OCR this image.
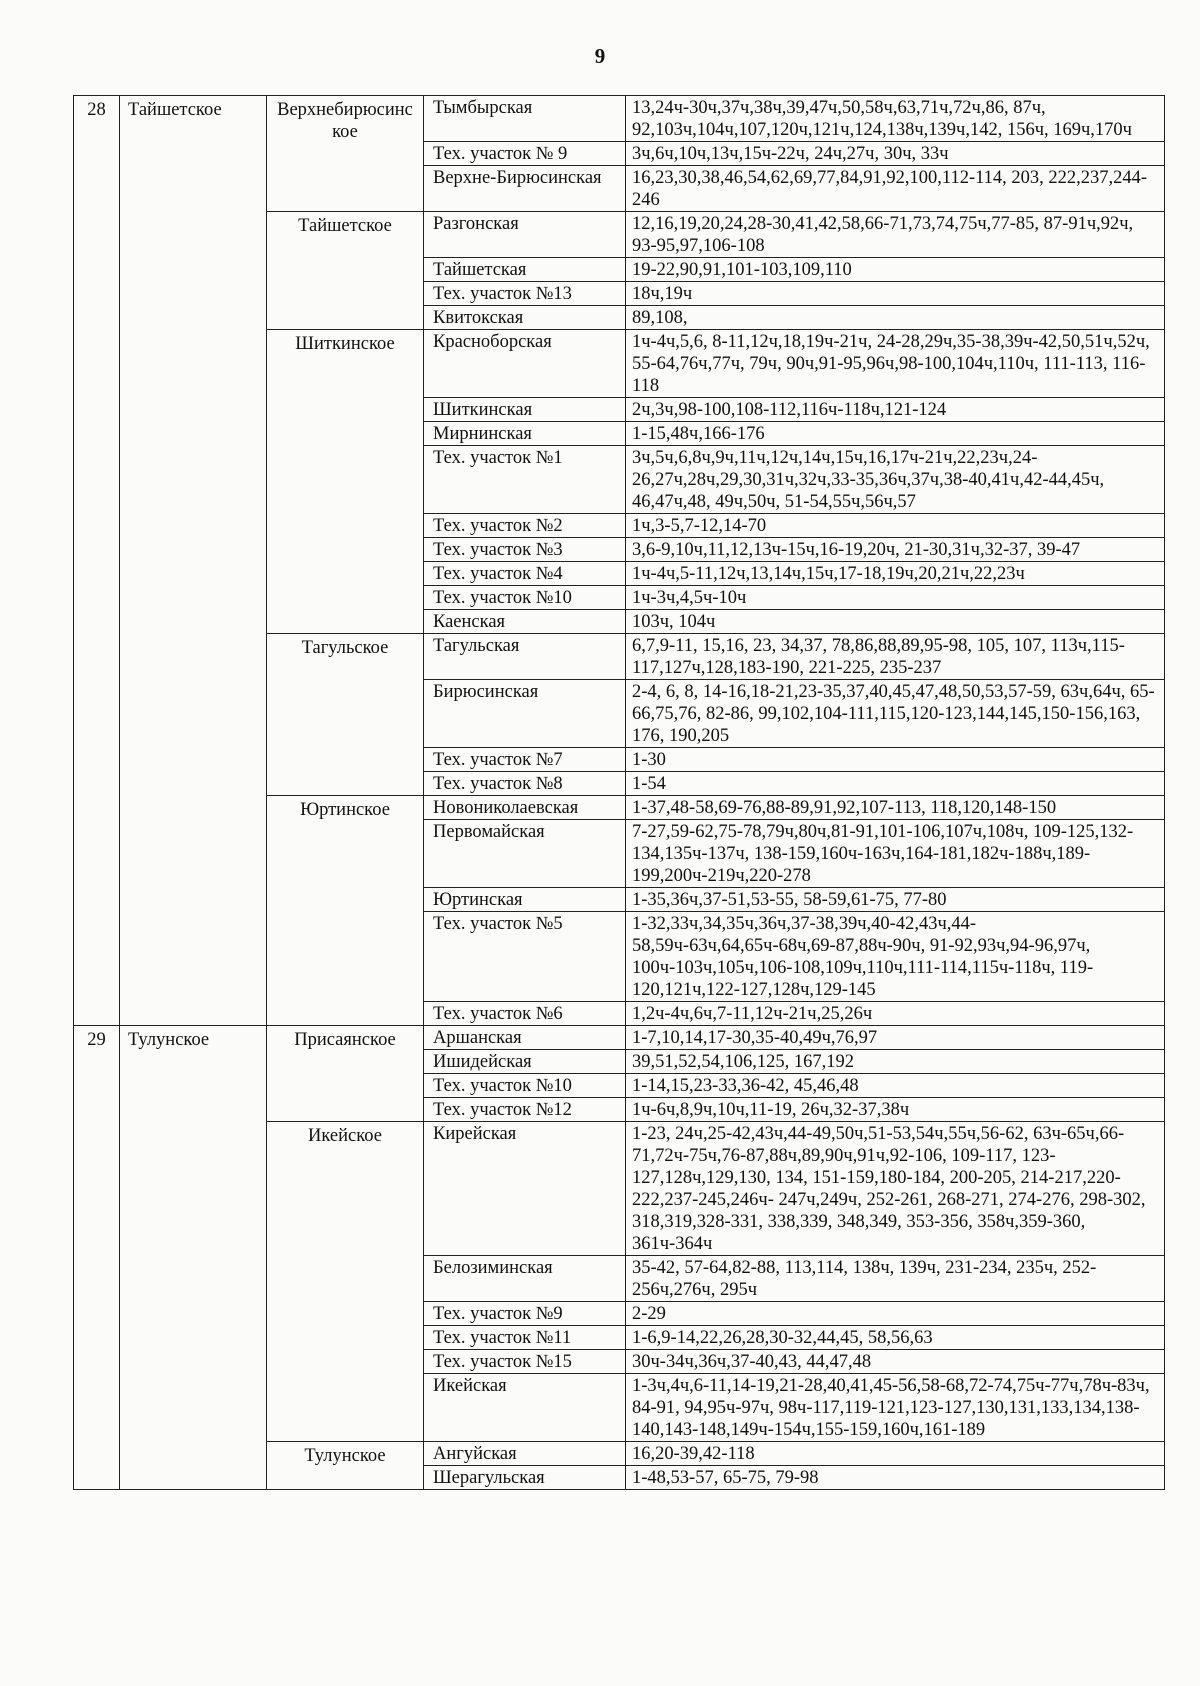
9
28	Тайшетское	Верхнебирюсинс кое	Тымбырская	13,24ч-30ч,37ч,38ч,39,47ч,50,58ч,63,71ч,72ч,86, 87ч, 92,103ч,104ч,107,120ч,121ч,124,138ч,139ч,142, 156ч, 169ч,170ч
			Тех. участок № 9	3ч,6ч,10ч,13ч,15ч-22ч, 24ч,27ч, 30ч, 33ч
			Верхне-Бирюсинская	16,23,30,38,46,54,62,69,77,84,91,92,100,112-114, 203, 222,237,244-246
		Тайшетское	Разгонская	12,16,19,20,24,28-30,41,42,58,66-71,73,74,75ч,77-85, 87-91ч,92ч, 93-95,97,106-108
			Тайшетская	19-22,90,91,101-103,109,110
			Тех. участок №13	18ч,19ч
			Квитокская	89,108,
		Шиткинское	Красноборская	1ч-4ч,5,6, 8-11,12ч,18,19ч-21ч, 24-28,29ч,35-38,39ч-42,50,51ч,52ч, 55-64,76ч,77ч, 79ч, 90ч,91-95,96ч,98-100,104ч,110ч, 111-113, 116-118
			Шиткинская	2ч,3ч,98-100,108-112,116ч-118ч,121-124
			Мирнинская	1-15,48ч,166-176
			Тех. участок №1	3ч,5ч,6,8ч,9ч,11ч,12ч,14ч,15ч,16,17ч-21ч,22,23ч,24-26,27ч,28ч,29,30,31ч,32ч,33-35,36ч,37ч,38-40,41ч,42-44,45ч, 46,47ч,48, 49ч,50ч, 51-54,55ч,56ч,57
			Тех. участок №2	1ч,3-5,7-12,14-70
			Тех. участок №3	3,6-9,10ч,11,12,13ч-15ч,16-19,20ч, 21-30,31ч,32-37, 39-47
			Тех. участок №4	1ч-4ч,5-11,12ч,13,14ч,15ч,17-18,19ч,20,21ч,22,23ч
			Тех. участок №10	1ч-3ч,4,5ч-10ч
			Каенская	103ч, 104ч
		Тагульское	Тагульская	6,7,9-11, 15,16, 23, 34,37, 78,86,88,89,95-98, 105, 107, 113ч,115-117,127ч,128,183-190, 221-225, 235-237
			Бирюсинская	2-4, 6, 8, 14-16,18-21,23-35,37,40,45,47,48,50,53,57-59, 63ч,64ч, 65-66,75,76, 82-86, 99,102,104-111,115,120-123,144,145,150-156,163, 176, 190,205
			Тех. участок №7	1-30
			Тех. участок №8	1-54
		Юртинское	Новониколаевская	1-37,48-58,69-76,88-89,91,92,107-113, 118,120,148-150
			Первомайская	7-27,59-62,75-78,79ч,80ч,81-91,101-106,107ч,108ч, 109-125,132-134,135ч-137ч, 138-159,160ч-163ч,164-181,182ч-188ч,189-199,200ч-219ч,220-278
			Юртинская	1-35,36ч,37-51,53-55, 58-59,61-75, 77-80
			Тех. участок №5	1-32,33ч,34,35ч,36ч,37-38,39ч,40-42,43ч,44-58,59ч-63ч,64,65ч-68ч,69-87,88ч-90ч, 91-92,93ч,94-96,97ч, 100ч-103ч,105ч,106-108,109ч,110ч,111-114,115ч-118ч, 119-120,121ч,122-127,128ч,129-145
			Тех. участок №6	1,2ч-4ч,6ч,7-11,12ч-21ч,25,26ч
29	Тулунское	Присаянское	Аршанская	1-7,10,14,17-30,35-40,49ч,76,97
			Ишидейская	39,51,52,54,106,125, 167,192
			Тех. участок №10	1-14,15,23-33,36-42, 45,46,48
			Тех. участок №12	1ч-6ч,8,9ч,10ч,11-19, 26ч,32-37,38ч
		Икейское	Кирейская	1-23, 24ч,25-42,43ч,44-49,50ч,51-53,54ч,55ч,56-62, 63ч-65ч,66-71,72ч-75ч,76-87,88ч,89,90ч,91ч,92-106, 109-117, 123-127,128ч,129,130, 134, 151-159,180-184, 200-205, 214-217,220-222,237-245,246ч- 247ч,249ч, 252-261, 268-271, 274-276, 298-302, 318,319,328-331, 338,339, 348,349, 353-356, 358ч,359-360, 361ч-364ч
			Белозиминская	35-42, 57-64,82-88, 113,114, 138ч, 139ч, 231-234, 235ч, 252-256ч,276ч, 295ч
			Тех. участок №9	2-29
			Тех. участок №11	1-6,9-14,22,26,28,30-32,44,45, 58,56,63
			Тех. участок №15	30ч-34ч,36ч,37-40,43, 44,47,48
			Икейская	1-3ч,4ч,6-11,14-19,21-28,40,41,45-56,58-68,72-74,75ч-77ч,78ч-83ч, 84-91, 94,95ч-97ч, 98ч-117,119-121,123-127,130,131,133,134,138-140,143-148,149ч-154ч,155-159,160ч,161-189
		Тулунское	Ангуйская	16,20-39,42-118
			Шерагульская	1-48,53-57, 65-75, 79-98
